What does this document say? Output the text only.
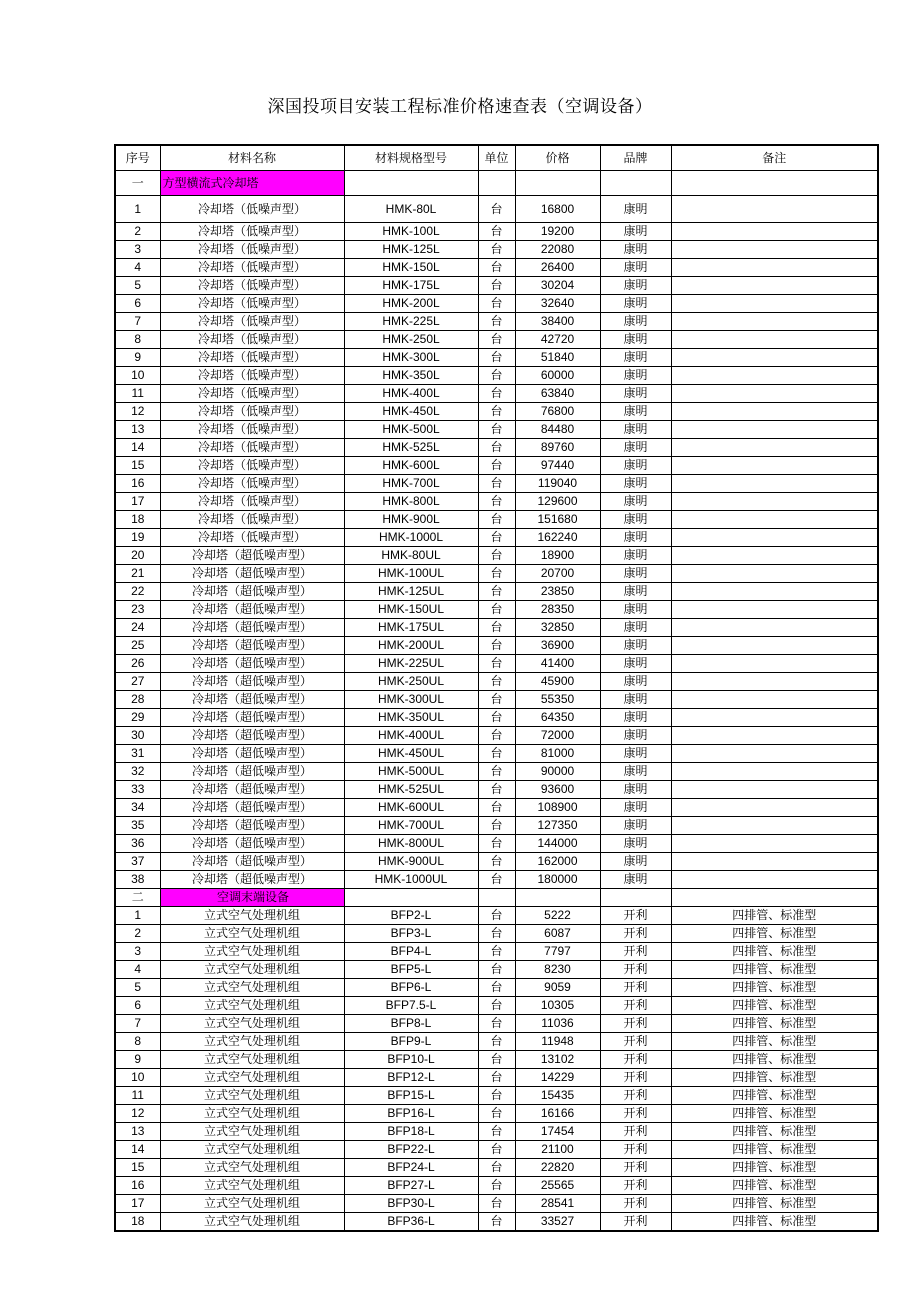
深国投项目安装工程标准价格速查表（空调设备）
序号	材料名称	材料规格型号	单位	价格	品牌	备注
一	方型横流式冷却塔					
1	冷却塔（低噪声型）	HMK-80L	台	16800	康明	
2	冷却塔（低噪声型）	HMK-100L	台	19200	康明	
3	冷却塔（低噪声型）	HMK-125L	台	22080	康明	
4	冷却塔（低噪声型）	HMK-150L	台	26400	康明	
5	冷却塔（低噪声型）	HMK-175L	台	30204	康明	
6	冷却塔（低噪声型）	HMK-200L	台	32640	康明	
7	冷却塔（低噪声型）	HMK-225L	台	38400	康明	
8	冷却塔（低噪声型）	HMK-250L	台	42720	康明	
9	冷却塔（低噪声型）	HMK-300L	台	51840	康明	
10	冷却塔（低噪声型）	HMK-350L	台	60000	康明	
11	冷却塔（低噪声型）	HMK-400L	台	63840	康明	
12	冷却塔（低噪声型）	HMK-450L	台	76800	康明	
13	冷却塔（低噪声型）	HMK-500L	台	84480	康明	
14	冷却塔（低噪声型）	HMK-525L	台	89760	康明	
15	冷却塔（低噪声型）	HMK-600L	台	97440	康明	
16	冷却塔（低噪声型）	HMK-700L	台	119040	康明	
17	冷却塔（低噪声型）	HMK-800L	台	129600	康明	
18	冷却塔（低噪声型）	HMK-900L	台	151680	康明	
19	冷却塔（低噪声型）	HMK-1000L	台	162240	康明	
20	冷却塔（超低噪声型）	HMK-80UL	台	18900	康明	
21	冷却塔（超低噪声型）	HMK-100UL	台	20700	康明	
22	冷却塔（超低噪声型）	HMK-125UL	台	23850	康明	
23	冷却塔（超低噪声型）	HMK-150UL	台	28350	康明	
24	冷却塔（超低噪声型）	HMK-175UL	台	32850	康明	
25	冷却塔（超低噪声型）	HMK-200UL	台	36900	康明	
26	冷却塔（超低噪声型）	HMK-225UL	台	41400	康明	
27	冷却塔（超低噪声型）	HMK-250UL	台	45900	康明	
28	冷却塔（超低噪声型）	HMK-300UL	台	55350	康明	
29	冷却塔（超低噪声型）	HMK-350UL	台	64350	康明	
30	冷却塔（超低噪声型）	HMK-400UL	台	72000	康明	
31	冷却塔（超低噪声型）	HMK-450UL	台	81000	康明	
32	冷却塔（超低噪声型）	HMK-500UL	台	90000	康明	
33	冷却塔（超低噪声型）	HMK-525UL	台	93600	康明	
34	冷却塔（超低噪声型）	HMK-600UL	台	108900	康明	
35	冷却塔（超低噪声型）	HMK-700UL	台	127350	康明	
36	冷却塔（超低噪声型）	HMK-800UL	台	144000	康明	
37	冷却塔（超低噪声型）	HMK-900UL	台	162000	康明	
38	冷却塔（超低噪声型）	HMK-1000UL	台	180000	康明	
二	空调末端设备					
1	立式空气处理机组	BFP2-L	台	5222	开利	四排管、标准型
2	立式空气处理机组	BFP3-L	台	6087	开利	四排管、标准型
3	立式空气处理机组	BFP4-L	台	7797	开利	四排管、标准型
4	立式空气处理机组	BFP5-L	台	8230	开利	四排管、标准型
5	立式空气处理机组	BFP6-L	台	9059	开利	四排管、标准型
6	立式空气处理机组	BFP7.5-L	台	10305	开利	四排管、标准型
7	立式空气处理机组	BFP8-L	台	11036	开利	四排管、标准型
8	立式空气处理机组	BFP9-L	台	11948	开利	四排管、标准型
9	立式空气处理机组	BFP10-L	台	13102	开利	四排管、标准型
10	立式空气处理机组	BFP12-L	台	14229	开利	四排管、标准型
11	立式空气处理机组	BFP15-L	台	15435	开利	四排管、标准型
12	立式空气处理机组	BFP16-L	台	16166	开利	四排管、标准型
13	立式空气处理机组	BFP18-L	台	17454	开利	四排管、标准型
14	立式空气处理机组	BFP22-L	台	21100	开利	四排管、标准型
15	立式空气处理机组	BFP24-L	台	22820	开利	四排管、标准型
16	立式空气处理机组	BFP27-L	台	25565	开利	四排管、标准型
17	立式空气处理机组	BFP30-L	台	28541	开利	四排管、标准型
18	立式空气处理机组	BFP36-L	台	33527	开利	四排管、标准型
